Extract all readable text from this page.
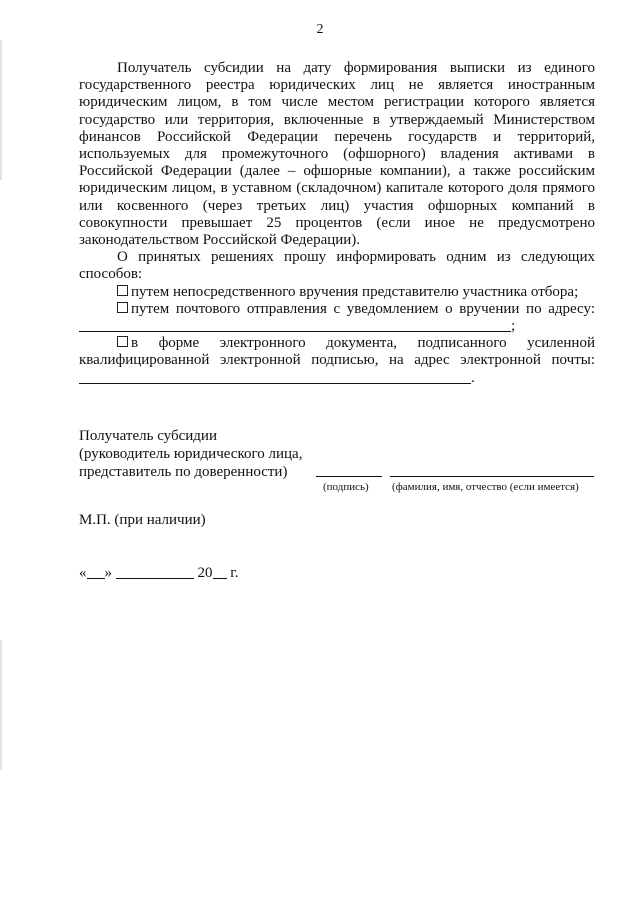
2

Получатель субсидии на дату формирования выписки из единого государственного реестра юридических лиц не является иностранным юридическим лицом, в том числе местом регистрации которого является государство или территория, включенные в утверждаемый Министерством финансов Российской Федерации перечень государств и территорий, используемых для промежуточного (офшорного) владения активами в Российской Федерации (далее – офшорные компании), а также российским юридическим лицом, в уставном (складочном) капитале которого доля прямого или косвенного (через третьих лиц) участия офшорных компаний в совокупности превышает 25 процентов (если иное не предусмотрено законодательством Российской Федерации).

О принятых решениях прошу информировать одним из следующих способов:

путем непосредственного вручения представителю участника отбора;

путем почтового отправления с уведомлением о вручении по адресу: ;

в форме электронного документа, подписанного усиленной квалифицированной электронной подписью, на адрес электронной почты: .

Получатель субсидии
(руководитель юридического лица,
представитель по доверенности)
(подпись) (фамилия, имя, отчество (если имеется)
М.П. (при наличии)
« »	20 г.
